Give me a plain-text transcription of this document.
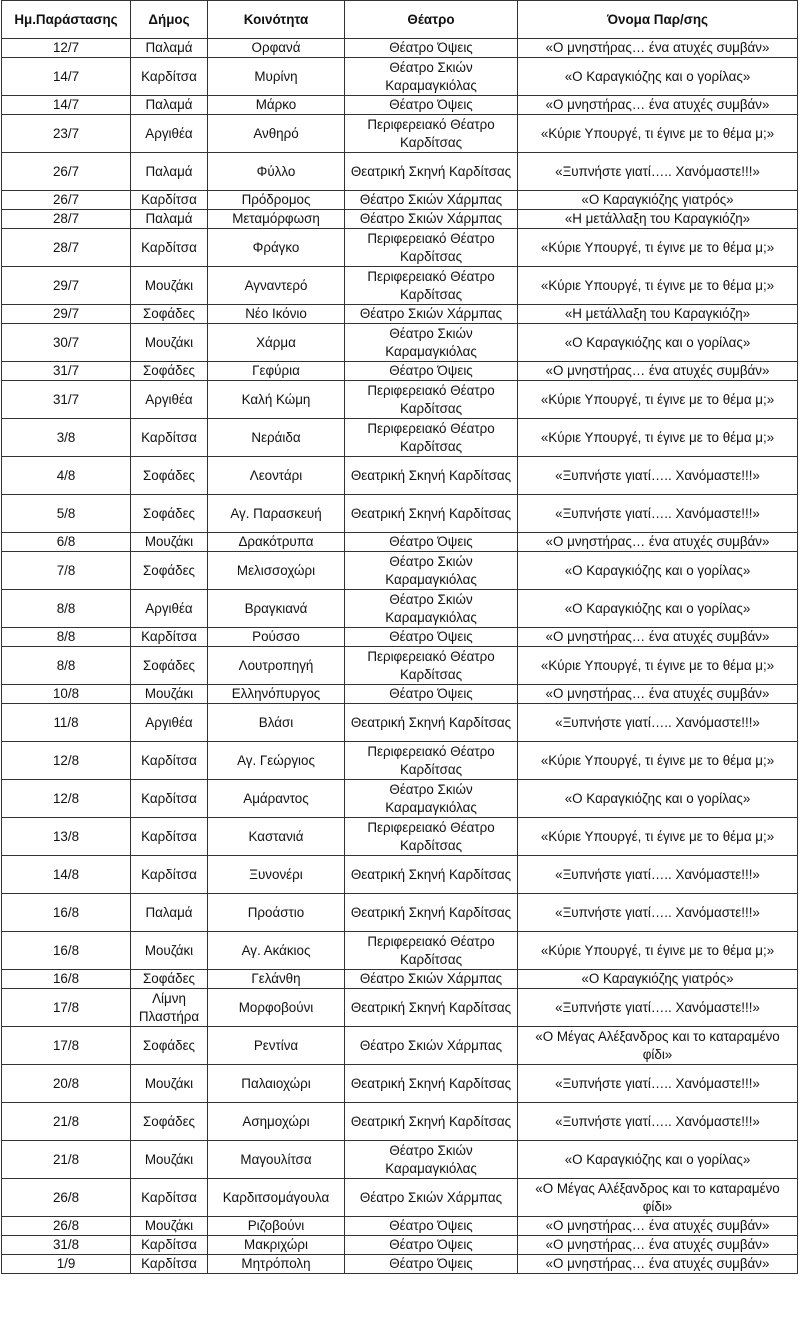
Ημ.Παράστασης	Δήμος	Κοινότητα	Θέατρο	Όνομα Παρ/σης
12/7	Παλαμά	Ορφανά	Θέατρο Όψεις	«Ο μνηστήρας… ένα ατυχές συμβάν»
14/7	Καρδίτσα	Μυρίνη	Θέατρο Σκιών Καραμαγκιόλας	«Ο Καραγκιόζης και ο γορίλας»
14/7	Παλαμά	Μάρκο	Θέατρο Όψεις	«Ο μνηστήρας… ένα ατυχές συμβάν»
23/7	Αργιθέα	Ανθηρό	Περιφερειακό Θέατρο Καρδίτσας	«Κύριε Υπουργέ, τι έγινε με το θέμα μ;»
26/7	Παλαμά	Φύλλο	Θεατρική Σκηνή Καρδίτσας	«Ξυπνήστε γιατί….. Χανόμαστε!!!»
26/7	Καρδίτσα	Πρόδρομος	Θέατρο Σκιών Χάρμπας	«Ο Καραγκιόζης γιατρός»
28/7	Παλαμά	Μεταμόρφωση	Θέατρο Σκιών Χάρμπας	«Η μετάλλαξη του Καραγκιόζη»
28/7	Καρδίτσα	Φράγκο	Περιφερειακό Θέατρο Καρδίτσας	«Κύριε Υπουργέ, τι έγινε με το θέμα μ;»
29/7	Μουζάκι	Αγναντερό	Περιφερειακό Θέατρο Καρδίτσας	«Κύριε Υπουργέ, τι έγινε με το θέμα μ;»
29/7	Σοφάδες	Νέο Ικόνιο	Θέατρο Σκιών Χάρμπας	«Η μετάλλαξη του Καραγκιόζη»
30/7	Μουζάκι	Χάρμα	Θέατρο Σκιών Καραμαγκιόλας	«Ο Καραγκιόζης και ο γορίλας»
31/7	Σοφάδες	Γεφύρια	Θέατρο Όψεις	«Ο μνηστήρας… ένα ατυχές συμβάν»
31/7	Αργιθέα	Καλή Κώμη	Περιφερειακό Θέατρο Καρδίτσας	«Κύριε Υπουργέ, τι έγινε με το θέμα μ;»
3/8	Καρδίτσα	Νεράιδα	Περιφερειακό Θέατρο Καρδίτσας	«Κύριε Υπουργέ, τι έγινε με το θέμα μ;»
4/8	Σοφάδες	Λεοντάρι	Θεατρική Σκηνή Καρδίτσας	«Ξυπνήστε γιατί….. Χανόμαστε!!!»
5/8	Σοφάδες	Αγ. Παρασκευή	Θεατρική Σκηνή Καρδίτσας	«Ξυπνήστε γιατί….. Χανόμαστε!!!»
6/8	Μουζάκι	Δρακότρυπα	Θέατρο Όψεις	«Ο μνηστήρας… ένα ατυχές συμβάν»
7/8	Σοφάδες	Μελισσοχώρι	Θέατρο Σκιών Καραμαγκιόλας	«Ο Καραγκιόζης και ο γορίλας»
8/8	Αργιθέα	Βραγκιανά	Θέατρο Σκιών Καραμαγκιόλας	«Ο Καραγκιόζης και ο γορίλας»
8/8	Καρδίτσα	Ρούσσο	Θέατρο Όψεις	«Ο μνηστήρας… ένα ατυχές συμβάν»
8/8	Σοφάδες	Λουτροπηγή	Περιφερειακό Θέατρο Καρδίτσας	«Κύριε Υπουργέ, τι έγινε με το θέμα μ;»
10/8	Μουζάκι	Ελληνόπυργος	Θέατρο Όψεις	«Ο μνηστήρας… ένα ατυχές συμβάν»
11/8	Αργιθέα	Βλάσι	Θεατρική Σκηνή Καρδίτσας	«Ξυπνήστε γιατί….. Χανόμαστε!!!»
12/8	Καρδίτσα	Αγ. Γεώργιος	Περιφερειακό Θέατρο Καρδίτσας	«Κύριε Υπουργέ, τι έγινε με το θέμα μ;»
12/8	Καρδίτσα	Αμάραντος	Θέατρο Σκιών Καραμαγκιόλας	«Ο Καραγκιόζης και ο γορίλας»
13/8	Καρδίτσα	Καστανιά	Περιφερειακό Θέατρο Καρδίτσας	«Κύριε Υπουργέ, τι έγινε με το θέμα μ;»
14/8	Καρδίτσα	Ξυνονέρι	Θεατρική Σκηνή Καρδίτσας	«Ξυπνήστε γιατί….. Χανόμαστε!!!»
16/8	Παλαμά	Προάστιο	Θεατρική Σκηνή Καρδίτσας	«Ξυπνήστε γιατί….. Χανόμαστε!!!»
16/8	Μουζάκι	Αγ. Ακάκιος	Περιφερειακό Θέατρο Καρδίτσας	«Κύριε Υπουργέ, τι έγινε με το θέμα μ;»
16/8	Σοφάδες	Γελάνθη	Θέατρο Σκιών Χάρμπας	«Ο Καραγκιόζης γιατρός»
17/8	Λίμνη Πλαστήρα	Μορφοβούνι	Θεατρική Σκηνή Καρδίτσας	«Ξυπνήστε γιατί….. Χανόμαστε!!!»
17/8	Σοφάδες	Ρεντίνα	Θέατρο Σκιών Χάρμπας	«Ο Μέγας Αλέξανδρος και το καταραμένο φίδι»
20/8	Μουζάκι	Παλαιοχώρι	Θεατρική Σκηνή Καρδίτσας	«Ξυπνήστε γιατί….. Χανόμαστε!!!»
21/8	Σοφάδες	Ασημοχώρι	Θεατρική Σκηνή Καρδίτσας	«Ξυπνήστε γιατί….. Χανόμαστε!!!»
21/8	Μουζάκι	Μαγουλίτσα	Θέατρο Σκιών Καραμαγκιόλας	«Ο Καραγκιόζης και ο γορίλας»
26/8	Καρδίτσα	Καρδιτσομάγουλα	Θέατρο Σκιών Χάρμπας	«Ο Μέγας Αλέξανδρος και το καταραμένο φίδι»
26/8	Μουζάκι	Ριζοβούνι	Θέατρο Όψεις	«Ο μνηστήρας… ένα ατυχές συμβάν»
31/8	Καρδίτσα	Μακριχώρι	Θέατρο Όψεις	«Ο μνηστήρας… ένα ατυχές συμβάν»
1/9	Καρδίτσα	Μητρόπολη	Θέατρο Όψεις	«Ο μνηστήρας… ένα ατυχές συμβάν»
